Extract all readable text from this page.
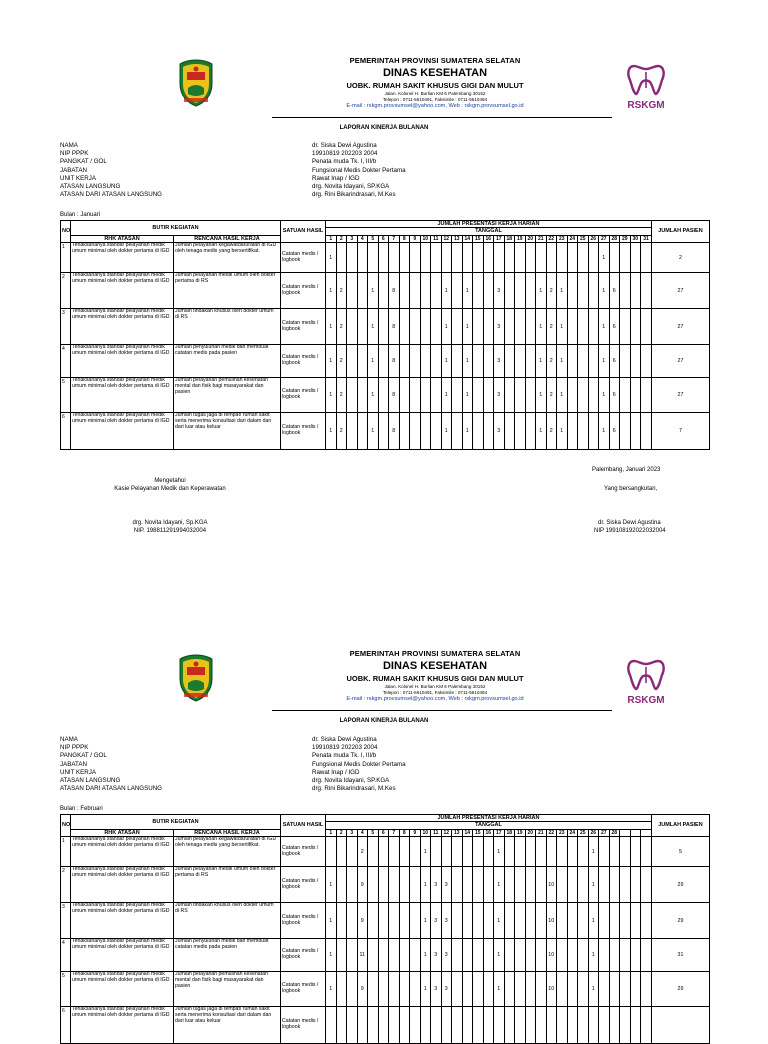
RSKGM
PEMERINTAH PROVINSI SUMATERA SELATAN
DINAS KESEHATAN
UOBK. RUMAH SAKIT KHUSUS GIGI DAN MULUT
Jalan. Kolonel H. Burlian KM 6 Palembang 30152
Telepon : 0711-5610491, Faksimile : 0711-5610494
E-mail : rskgm.provsumsel@yahoo.com, Web : rskgm.provsumsel.go.id
LAPORAN KINERJA BULANAN
NAMA	dr. Siska Dewi Agustina
NIP PPPK	19910819 202203 2004
PANGKAT / GOL	Penata muda Tk. I, III/b
JABATAN	Fungsional Medis Dokter Pertama
UNIT KERJA	Rawat Inap / IGD
ATASAN LANGSUNG	drg. Novita Idayani, SP.KGA
ATASAN DARI ATASAN LANGSUNG	drg. Rini Bikarindrasari, M.Kes
Bulan : Januari
NO	BUTIR KEGIATAN		SATUAN HASIL	JUMLAH PRESENTASI KERJA HARIAN																															JUMLAH PASIEN
				TANGGAL																															
	RHK ATASAN	RENCANA HASIL KERJA		1	2	3	4	5	6	7	8	9	10	11	12	13	14	15	16	17	18	19	20	21	22	23	24	25	26	27	28	29	30	31	
1	Terlaksananya standar pelayanan medik umum minimal oleh dokter pertama di IGD	Jumlah pelayanan kegawatdaruratan di IGD oleh tenaga medis yang bersertifikat.	Catatan medis / logbook	1																										1					2
2	Terlaksananya standar pelayanan medik umum minimal oleh dokter pertama di IGD	Jumlah pelayanan medik umum oleh dokter pertama di RS	Catatan medis / logbook	1	2			1		8					1		1			3				1	2	1				1	6				27
3	Terlaksananya standar pelayanan medik umum minimal oleh dokter pertama di IGD	Jumlah tindakan khusus oleh dokter umum di RS	Catatan medis / logbook	1	2			1		8					1		1			3				1	2	1				1	6				27
4	Terlaksananya standar pelayanan medik umum minimal oleh dokter pertama di IGD	Jumlah penyuluhan medik dan membuat catatan medis pada pasien	Catatan medis / logbook	1	2			1		8					1		1			3				1	2	1				1	6				27
5	Terlaksananya standar pelayanan medik umum minimal oleh dokter pertama di IGD	Jumlah pelayanan pemulihan kesehatan mental dan fisik bagi masayarakat dan pasien	Catatan medis / logbook	1	2			1		8					1		1			3				1	2	1				1	6				27
6	Terlaksananya standar pelayanan medik umum minimal oleh dokter pertama di IGD	Jumlah tugas jaga di tempat/ rumah sakit serta menerima konsultasi dari dalam dan dari luar atau keluar	Catatan medis / logbook	1	2			1		8					1		1			3				1	2	1				1	6				7
Palembang, Januari 2023
Mengetahui
Kasie Pelayanan Medik dan Keperawatan	Yang bersangkutan,
drg. Novita Idayani, Sp.KGA
NIP. 198811291994032004
dr. Siska Dewi Agustina
NIP 199108192022032004
RSKGM
PEMERINTAH PROVINSI SUMATERA SELATAN
DINAS KESEHATAN
UOBK. RUMAH SAKIT KHUSUS GIGI DAN MULUT
Jalan. Kolonel H. Burlian KM 6 Palembang 30152
Telepon : 0711-5610491, Faksimile : 0711-5610494
E-mail : rskgm.provsumsel@yahoo.com, Web : rskgm.provsumsel.go.id
LAPORAN KINERJA BULANAN
NAMA	dr. Siska Dewi Agustina
NIP PPPK	19910819 202203 2004
PANGKAT / GOL	Penata muda Tk. I, III/b
JABATAN	Fungsional Medis Dokter Pertama
UNIT KERJA	Rawat Inap / IGD
ATASAN LANGSUNG	drg. Novita Idayani, SP.KGA
ATASAN DARI ATASAN LANGSUNG	drg. Rini Bikarindrasari, M.Kes
Bulan : Februari
NO	BUTIR KEGIATAN		SATUAN HASIL	JUMLAH PRESENTASI KERJA HARIAN																															JUMLAH PASIEN
				TANGGAL																															
	RHK ATASAN	RENCANA HASIL KERJA		1	2	3	4	5	6	7	8	9	10	11	12	13	14	15	16	17	18	19	20	21	22	23	24	25	26	27	28				
1	Terlaksananya standar pelayanan medik umum minimal oleh dokter pertama di IGD	Jumlah pelayanan kegawatdaruratan di IGD oleh tenaga medis yang bersertifikat.	Catatan medis / logbook				2						1							1									1						5
2	Terlaksananya standar pelayanan medik umum minimal oleh dokter pertama di IGD	Jumlah pelayanan medik umum oleh dokter pertama di RS	Catatan medis / logbook	1			9						1	3	3					1					10				1						29
3	Terlaksananya standar pelayanan medik umum minimal oleh dokter pertama di IGD	Jumlah tindakan khusus oleh dokter umum di RS	Catatan medis / logbook	1			9						1	3	3					1					10				1						29
4	Terlaksananya standar pelayanan medik umum minimal oleh dokter pertama di IGD	Jumlah penyuluhan medik dan membuat catatan medis pada pasien	Catatan medis / logbook	1			11						1	3	3					1					10				1						31
5	Terlaksananya standar pelayanan medik umum minimal oleh dokter pertama di IGD	Jumlah pelayanan pemulihan kesehatan mental dan fisik bagi masayarakat dan pasien	Catatan medis / logbook	1			9						1	3	3					1					10				1						29
6	Terlaksananya standar pelayanan medik umum minimal oleh dokter pertama di IGD	Jumlah tugas jaga di tempat/ rumah sakit serta menerima konsultasi dari dalam dan dari luar atau keluar	Catatan medis / logbook																																
